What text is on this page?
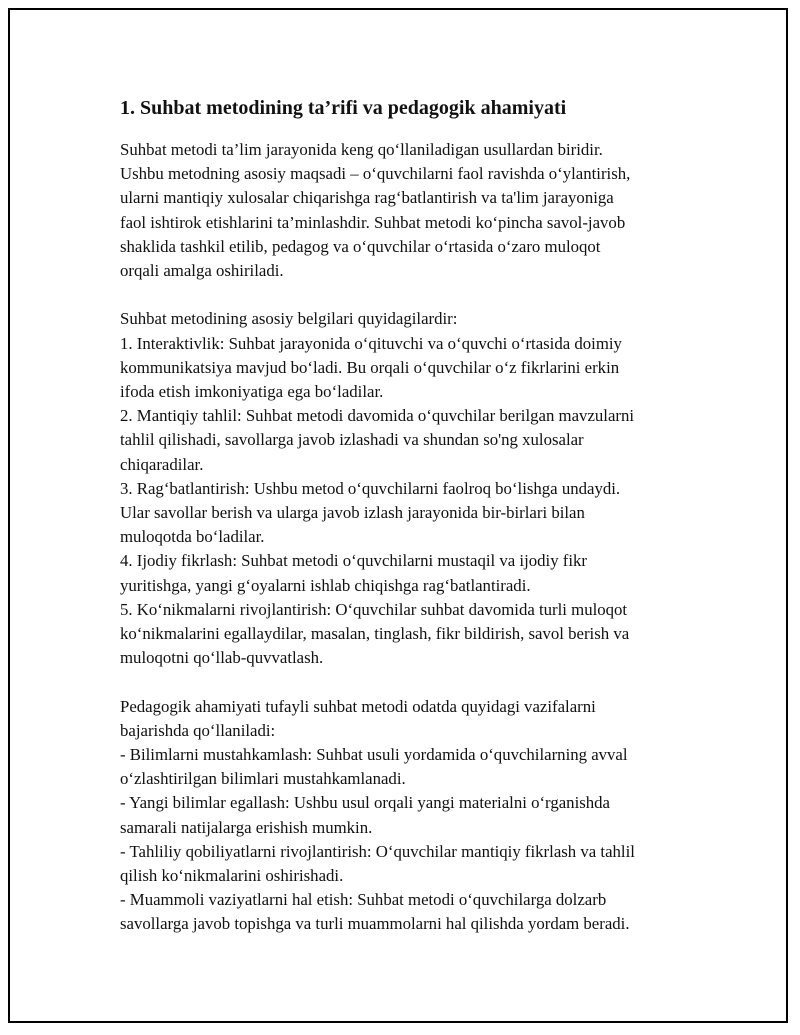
1. Suhbat metodining ta’rifi va pedagogik ahamiyati
Suhbat metodi ta’lim jarayonida keng qo‘llaniladigan usullardan biridir.
Ushbu metodning asosiy maqsadi – o‘quvchilarni faol ravishda o‘ylantirish,
ularni mantiqiy xulosalar chiqarishga rag‘batlantirish va ta'lim jarayoniga
faol ishtirok etishlarini ta’minlashdir. Suhbat metodi ko‘pincha savol-javob
shaklida tashkil etilib, pedagog va o‘quvchilar o‘rtasida o‘zaro muloqot
orqali amalga oshiriladi.
Suhbat metodining asosiy belgilari quyidagilardir:
1. Interaktivlik: Suhbat jarayonida o‘qituvchi va o‘quvchi o‘rtasida doimiy
kommunikatsiya mavjud bo‘ladi. Bu orqali o‘quvchilar o‘z fikrlarini erkin
ifoda etish imkoniyatiga ega bo‘ladilar.
2. Mantiqiy tahlil: Suhbat metodi davomida o‘quvchilar berilgan mavzularni
tahlil qilishadi, savollarga javob izlashadi va shundan so'ng xulosalar
chiqaradilar.
3. Rag‘batlantirish: Ushbu metod o‘quvchilarni faolroq bo‘lishga undaydi.
Ular savollar berish va ularga javob izlash jarayonida bir-birlari bilan
muloqotda bo‘ladilar.
4. Ijodiy fikrlash: Suhbat metodi o‘quvchilarni mustaqil va ijodiy fikr
yuritishga, yangi g‘oyalarni ishlab chiqishga rag‘batlantiradi.
5. Ko‘nikmalarni rivojlantirish: O‘quvchilar suhbat davomida turli muloqot
ko‘nikmalarini egallaydilar, masalan, tinglash, fikr bildirish, savol berish va
muloqotni qo‘llab-quvvatlash.
Pedagogik ahamiyati tufayli suhbat metodi odatda quyidagi vazifalarni
bajarishda qo‘llaniladi:
- Bilimlarni mustahkamlash: Suhbat usuli yordamida o‘quvchilarning avval
o‘zlashtirilgan bilimlari mustahkamlanadi.
- Yangi bilimlar egallash: Ushbu usul orqali yangi materialni o‘rganishda
samarali natijalarga erishish mumkin.
- Tahliliy qobiliyatlarni rivojlantirish: O‘quvchilar mantiqiy fikrlash va tahlil
qilish ko‘nikmalarini oshirishadi.
- Muammoli vaziyatlarni hal etish: Suhbat metodi o‘quvchilarga dolzarb
savollarga javob topishga va turli muammolarni hal qilishda yordam beradi.
